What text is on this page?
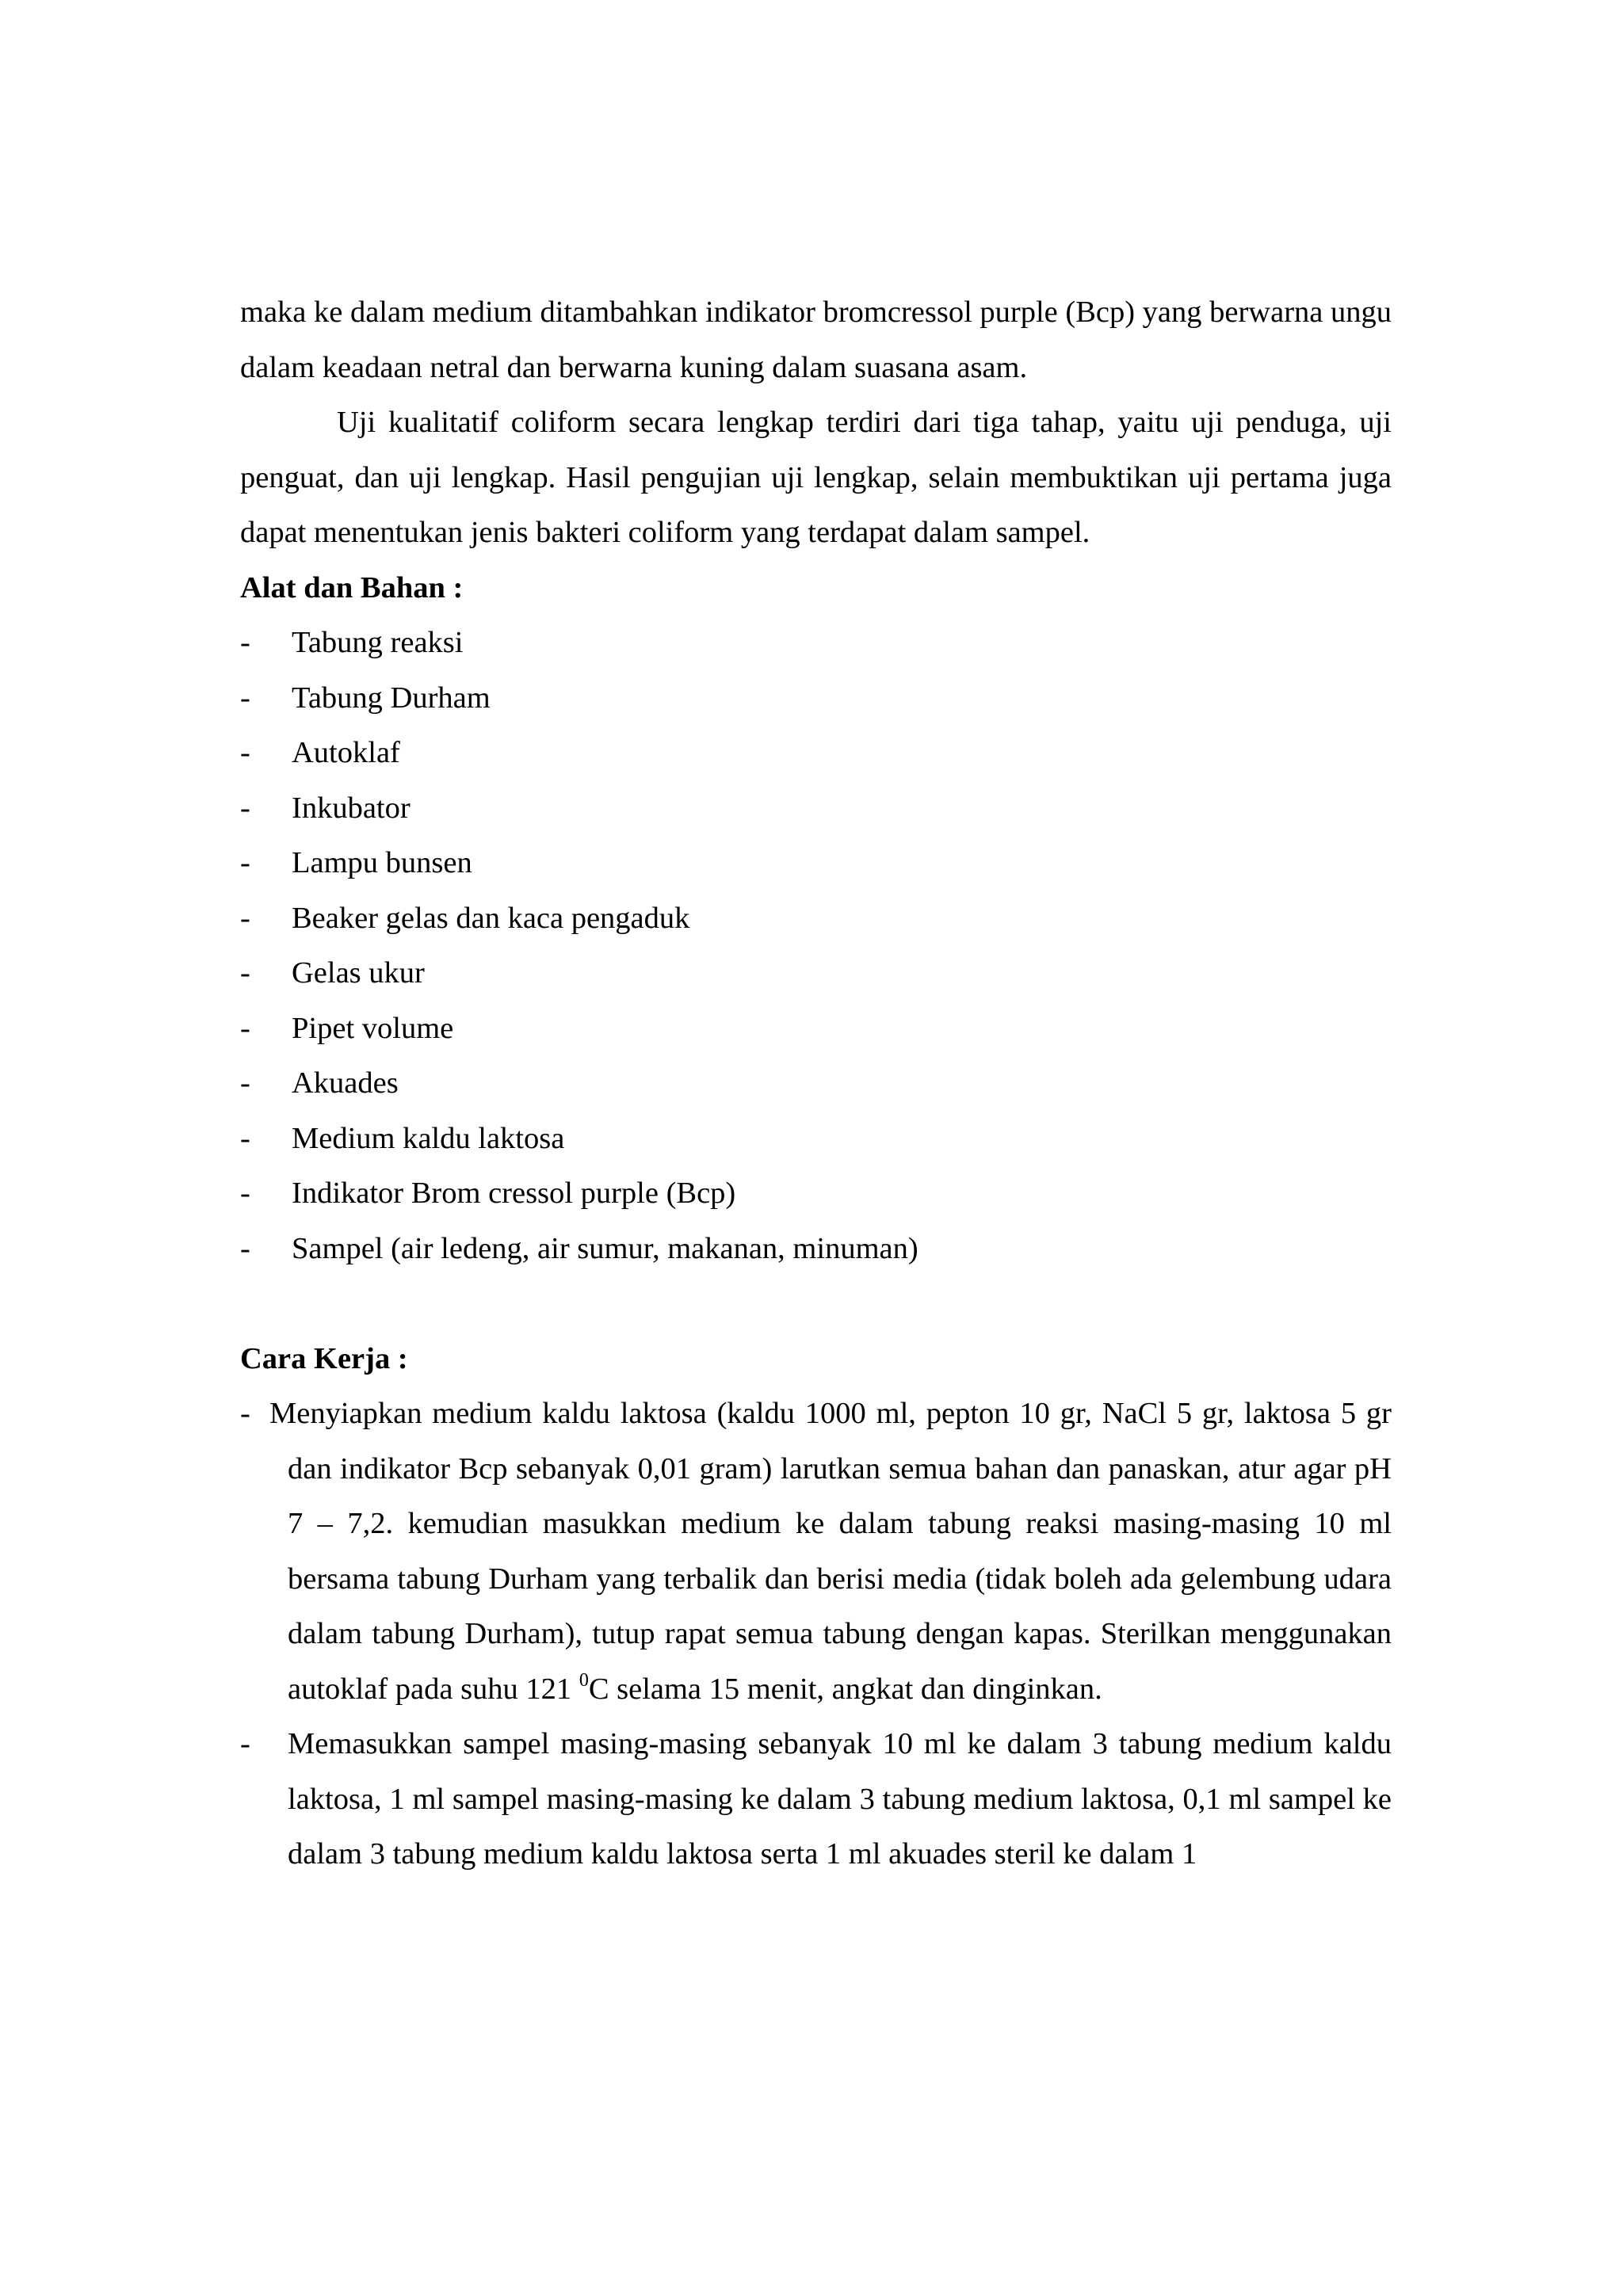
maka ke dalam medium ditambahkan indikator bromcressol purple (Bcp) yang berwarna ungu dalam keadaan netral dan berwarna kuning dalam suasana asam.

Uji kualitatif coliform secara lengkap terdiri dari tiga tahap, yaitu uji penduga, uji penguat, dan uji lengkap. Hasil pengujian uji lengkap, selain membuktikan uji pertama juga dapat menentukan jenis bakteri coliform yang terdapat dalam sampel.

Alat dan Bahan :

- Tabung reaksi
- Tabung Durham
- Autoklaf
- Inkubator
- Lampu bunsen
- Beaker gelas dan kaca pengaduk
- Gelas ukur
- Pipet volume
- Akuades
- Medium kaldu laktosa
- Indikator Brom cressol purple (Bcp)
- Sampel (air ledeng, air sumur, makanan, minuman)

Cara Kerja :

- Menyiapkan medium kaldu laktosa (kaldu 1000 ml, pepton 10 gr, NaCl 5 gr, laktosa 5 gr dan indikator Bcp sebanyak 0,01 gram) larutkan semua bahan dan panaskan, atur agar pH 7 – 7,2. kemudian masukkan medium ke dalam tabung reaksi masing-masing 10 ml bersama tabung Durham yang terbalik dan berisi media (tidak boleh ada gelembung udara dalam tabung Durham), tutup rapat semua tabung dengan kapas. Sterilkan menggunakan autoklaf pada suhu 121 $^0$C selama 15 menit, angkat dan dinginkan.
- Memasukkan sampel masing-masing sebanyak 10 ml ke dalam 3 tabung medium kaldu laktosa, 1 ml sampel masing-masing ke dalam 3 tabung medium laktosa, 0,1 ml sampel ke dalam 3 tabung medium kaldu laktosa serta 1 ml akuades steril ke dalam 1
